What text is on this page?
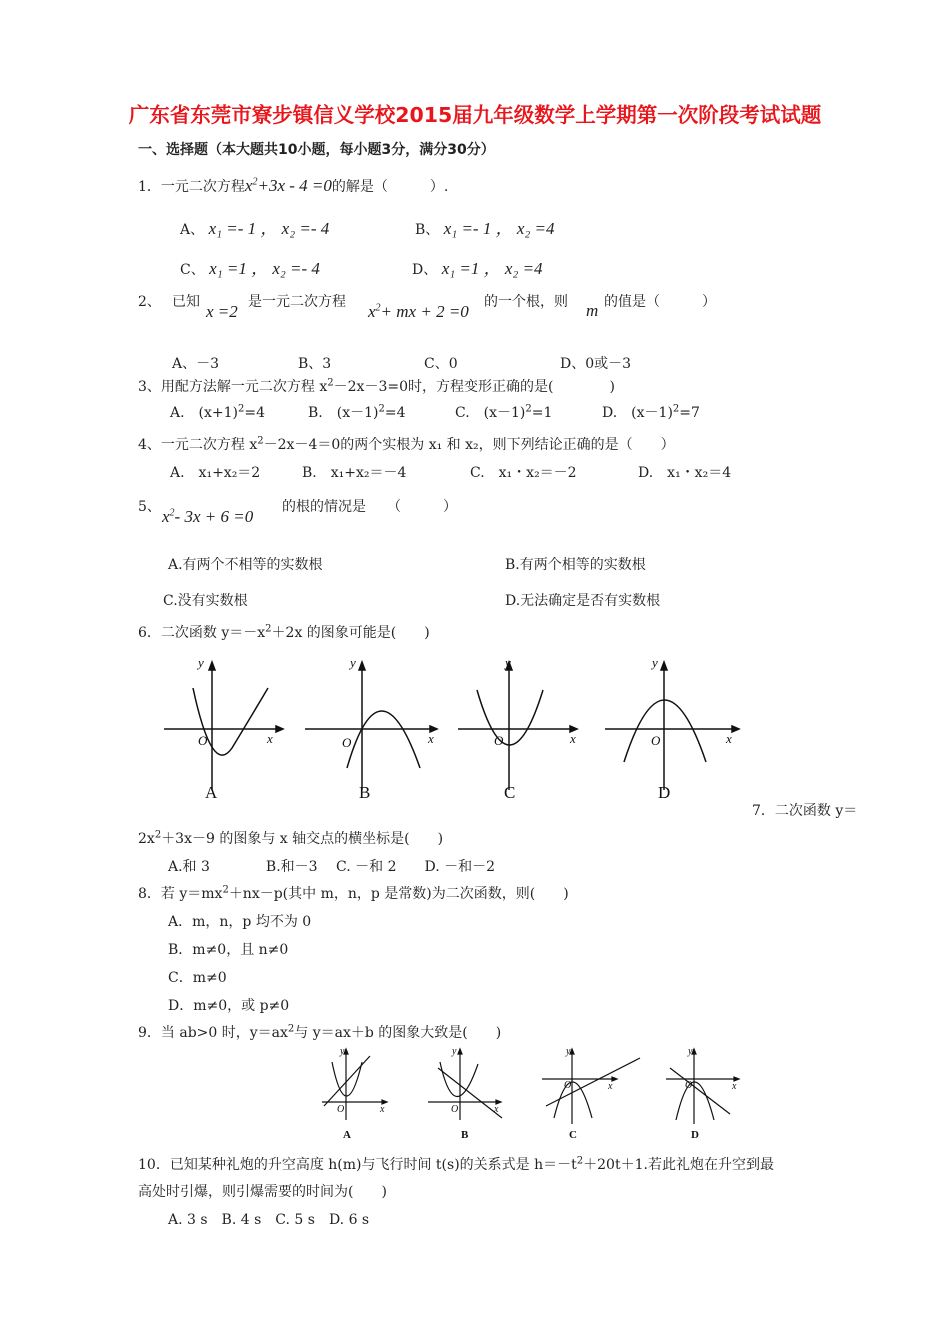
广东省东莞市寮步镇信义学校2015届九年级数学上学期第一次阶段考试试题
一、选择题（本大题共10小题，每小题3分，满分30分）
1．一元二次方程$x^2+3x - 4 =0$的解是（　　　）.
A、 x₁ =- 1 ， x₂ =- 4	B、 x₁ =- 1 ， x₂ =4
C、 x₁ =1 ， x₂ =- 4	D、 x₁ =1 ， x₂ =4
2、 已知 x =2 是一元二次方程 $x^2+$ mx + 2 =0 的一个根，则 m 的值是（　　　）
A、－3	B、3	C、0	D、0或－3
3、用配方法解一元二次方程 $x^2-2x-3=0$时，方程变形正确的是(　　　　)
A.　$(x+1)^2=4$	B.　$(x-1)^2=4$	C.　$(x-1)^2=1$	D.　$(x-1)^2=7$
4、一元二次方程 $x^2-2x-4=0$的两个实根为 x₁ 和 x₂，则下列结论正确的是（　　）
A.　x₁+x₂＝2	B.　x₁+x₂＝－4	C.　x₁・x₂＝－2	D.　x₁・x₂＝4
5、 $x^2-$ 3x + 6 =0 的根的情况是　　（　　　）
A.有两个不相等的实数根	B.有两个相等的实数根
C.没有实数根	D.无法确定是否有实数根
6．二次函数 $y=-x^2+2x$ 的图象可能是(　　)
y
x
O
y
x
O
y
x
O
y
x
O
A	B	C	D
7．二次函数 y＝
$2x^2+3x-9$ 的图象与 x 轴交点的横坐标是(　　)
A.和 3　　　　B.和－3　 C. －和 2　　D. －和－2
8．若 $y=mx^2+nx-p$(其中 m，n，p 是常数)为二次函数，则(　　)
A．m，n，p 均不为 0
B．m≠0，且 n≠0
C．m≠0
D．m≠0，或 p≠0
9．当 ab>0 时，$y=ax^2$与 y＝ax＋b 的图象大致是(　　)
y
x
O
y
x
O
y
x
O
y
x
O
A	B	C	D
10．已知某种礼炮的升空高度 h(m)与飞行时间 t(s)的关系式是 $h=-t^2+20t+1$.若此礼炮在升空到最
高处时引爆，则引爆需要的时间为(　　)
A. 3 s　B. 4 s　C. 5 s　D. 6 s
